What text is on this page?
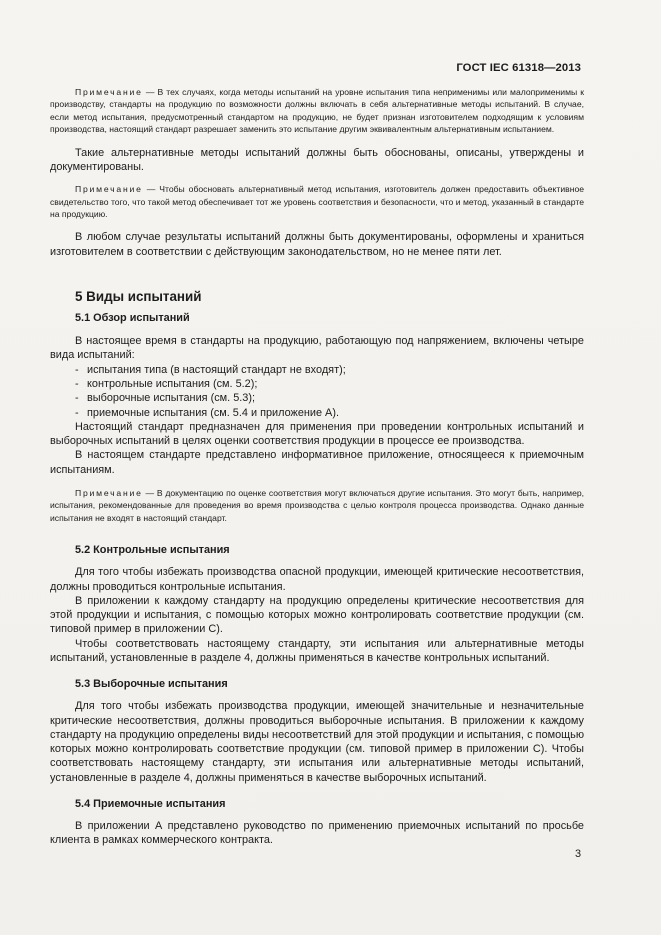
ГОСТ IEC 61318—2013

Примечание — В тех случаях, когда методы испытаний на уровне испытания типа неприменимы или малоприменимы к производству, стандарты на продукцию по возможности должны включать в себя альтернативные методы испытаний. В случае, если метод испытания, предусмотренный стандартом на продукцию, не будет признан изготовителем подходящим к условиям производства, настоящий стандарт разрешает заменить это испытание другим эквивалентным альтернативным испытанием.

Такие альтернативные методы испытаний должны быть обоснованы, описаны, утверждены и документированы.

Примечание — Чтобы обосновать альтернативный метод испытания, изготовитель должен предоставить объективное свидетельство того, что такой метод обеспечивает тот же уровень соответствия и безопасности, что и метод, указанный в стандарте на продукцию.

В любом случае результаты испытаний должны быть документированы, оформлены и храниться изготовителем в соответствии с действующим законодательством, но не менее пяти лет.

5 Виды испытаний
5.1 Обзор испытаний

В настоящее время в стандарты на продукцию, работающую под напряжением, включены четыре вида испытаний:

- испытания типа (в настоящий стандарт не входят);
- контрольные испытания (см. 5.2);
- выборочные испытания (см. 5.3);
- приемочные испытания (см. 5.4 и приложение А).

Настоящий стандарт предназначен для применения при проведении контрольных испытаний и выборочных испытаний в целях оценки соответствия продукции в процессе ее производства.

В настоящем стандарте представлено информативное приложение, относящееся к приемочным испытаниям.

Примечание — В документацию по оценке соответствия могут включаться другие испытания. Это могут быть, например, испытания, рекомендованные для проведения во время производства с целью контроля процесса производства. Однако данные испытания не входят в настоящий стандарт.

5.2 Контрольные испытания

Для того чтобы избежать производства опасной продукции, имеющей критические несоответствия, должны проводиться контрольные испытания.

В приложении к каждому стандарту на продукцию определены критические несоответствия для этой продукции и испытания, с помощью которых можно контролировать соответствие продукции (см. типовой пример в приложении С).

Чтобы соответствовать настоящему стандарту, эти испытания или альтернативные методы испытаний, установленные в разделе 4, должны применяться в качестве контрольных испытаний.

5.3 Выборочные испытания

Для того чтобы избежать производства продукции, имеющей значительные и незначительные критические несоответствия, должны проводиться выборочные испытания. В приложении к каждому стандарту на продукцию определены виды несоответствий для этой продукции и испытания, с помощью которых можно контролировать соответствие продукции (см. типовой пример в приложении С). Чтобы соответствовать настоящему стандарту, эти испытания или альтернативные методы испытаний, установленные в разделе 4, должны применяться в качестве выборочных испытаний.

5.4 Приемочные испытания

В приложении А представлено руководство по применению приемочных испытаний по просьбе клиента в рамках коммерческого контракта.

3
